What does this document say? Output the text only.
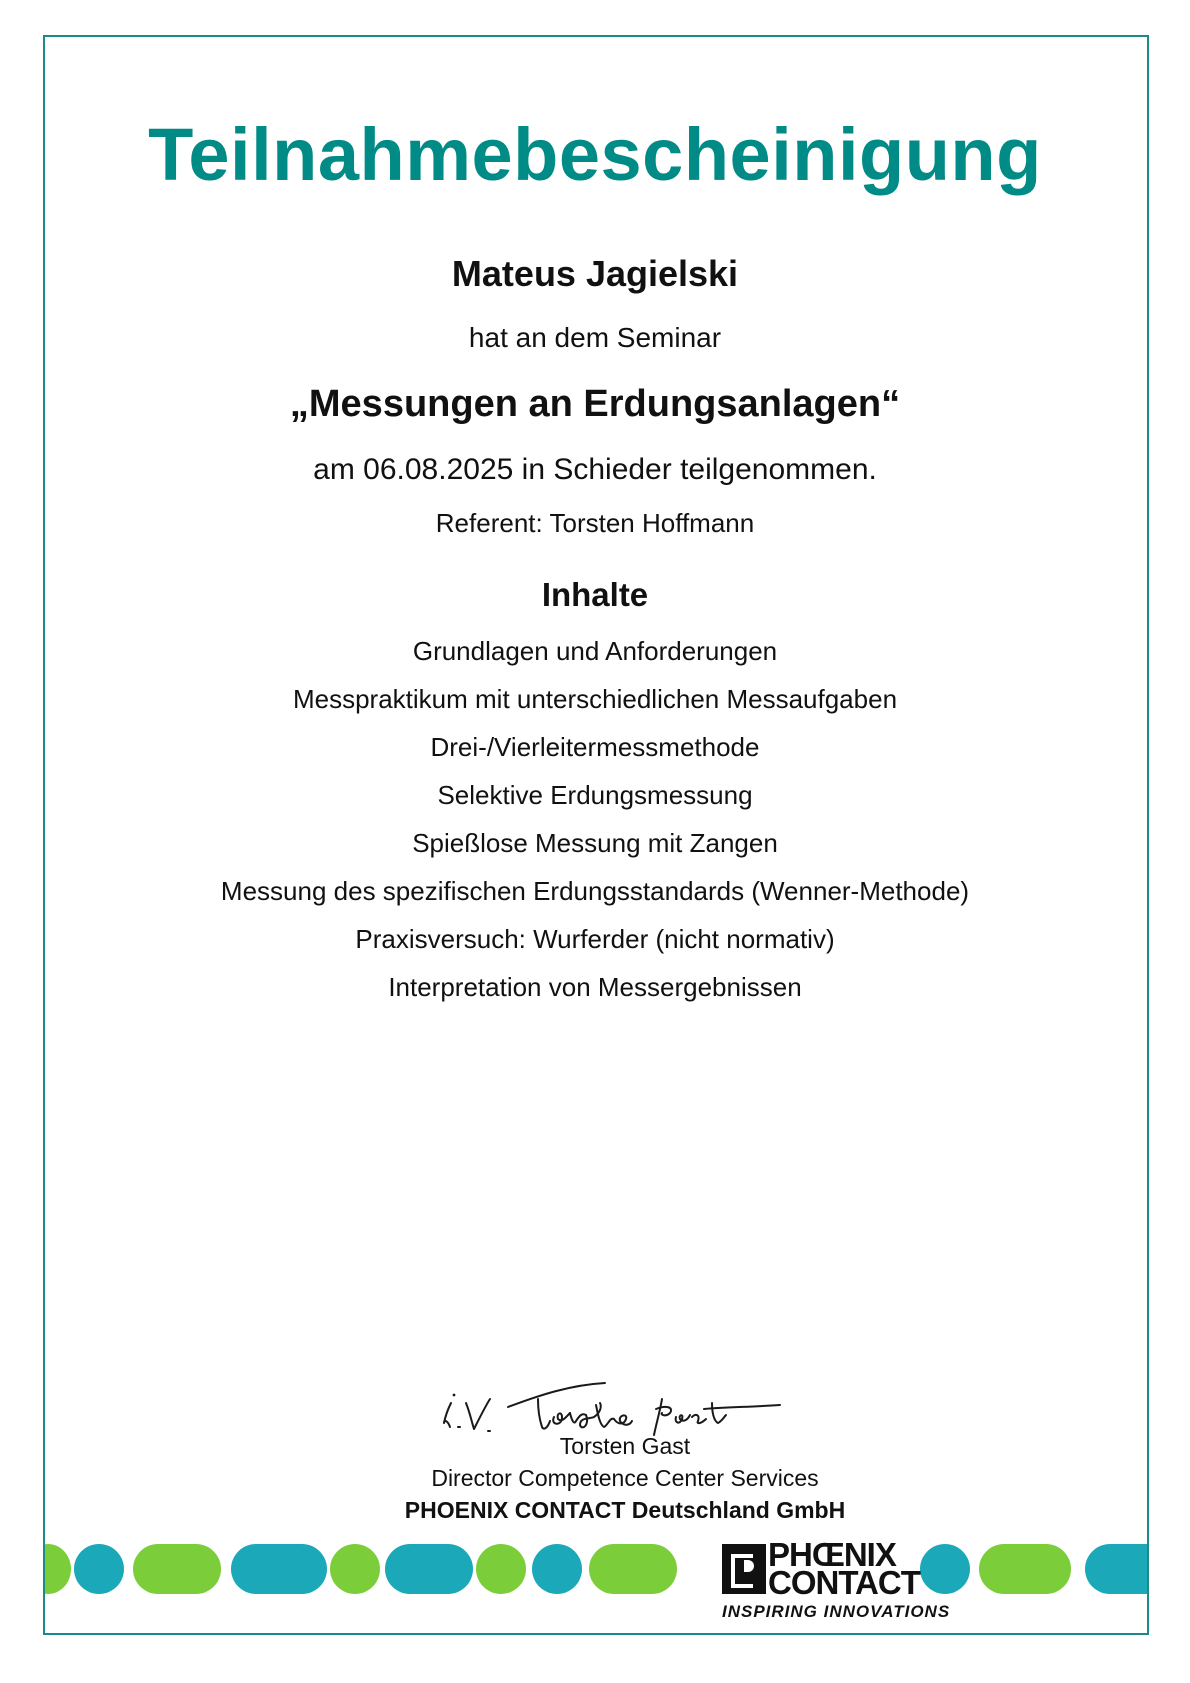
Teilnahmebescheinigung
Mateus Jagielski
hat an dem Seminar
„Messungen an Erdungsanlagen“
am 06.08.2025 in Schieder teilgenommen.
Referent: Torsten Hoffmann
Inhalte
Grundlagen und Anforderungen
Messpraktikum mit unterschiedlichen Messaufgaben
Drei-/Vierleitermessmethode
Selektive Erdungsmessung
Spießlose Messung mit Zangen
Messung des spezifischen Erdungsstandards (Wenner-Methode)
Praxisversuch: Wurferder (nicht normativ)
Interpretation von Messergebnissen
Torsten Gast
Director Competence Center Services
PHOENIX CONTACT Deutschland GmbH
PHŒNIX
CONTACT
INSPIRING INNOVATIONS
